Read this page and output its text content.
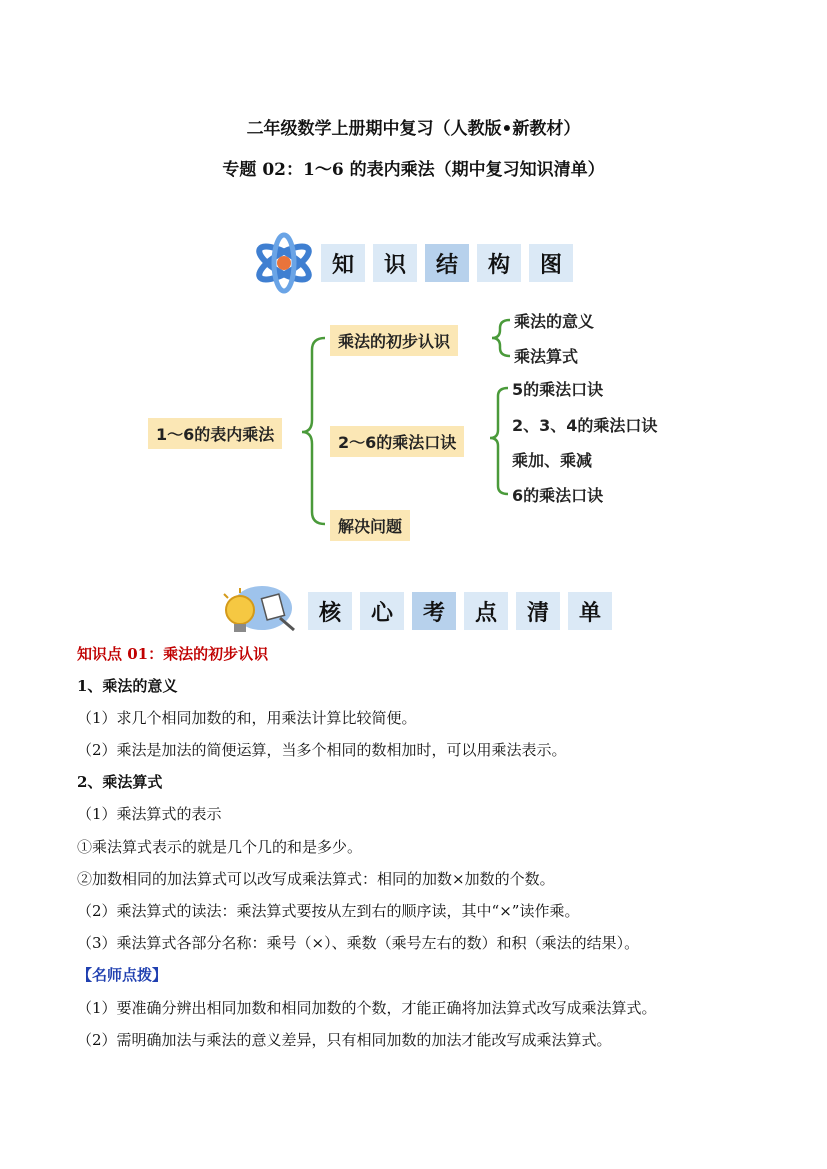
二年级数学上册期中复习（人教版•新教材）
专题 02：1～6 的表内乘法（期中复习知识清单）
知	识	结	构	图
1～6的表内乘法
乘法的初步认识
2～6的乘法口诀
解决问题
乘法的意义
乘法算式
5的乘法口诀
2、3、4的乘法口诀
乘加、乘减
6的乘法口诀
核	心	考	点	清	单
知识点 01：乘法的初步认识
1、乘法的意义
（1）求几个相同加数的和，用乘法计算比较简便。
（2）乘法是加法的简便运算，当多个相同的数相加时，可以用乘法表示。
2、乘法算式
（1）乘法算式的表示
①乘法算式表示的就是几个几的和是多少。
②加数相同的加法算式可以改写成乘法算式：相同的加数×加数的个数。
（2）乘法算式的读法：乘法算式要按从左到右的顺序读，其中“×”读作乘。
（3）乘法算式各部分名称：乘号（×）、乘数（乘号左右的数）和积（乘法的结果）。
【名师点拨】
（1）要准确分辨出相同加数和相同加数的个数，才能正确将加法算式改写成乘法算式。
（2）需明确加法与乘法的意义差异，只有相同加数的加法才能改写成乘法算式。
